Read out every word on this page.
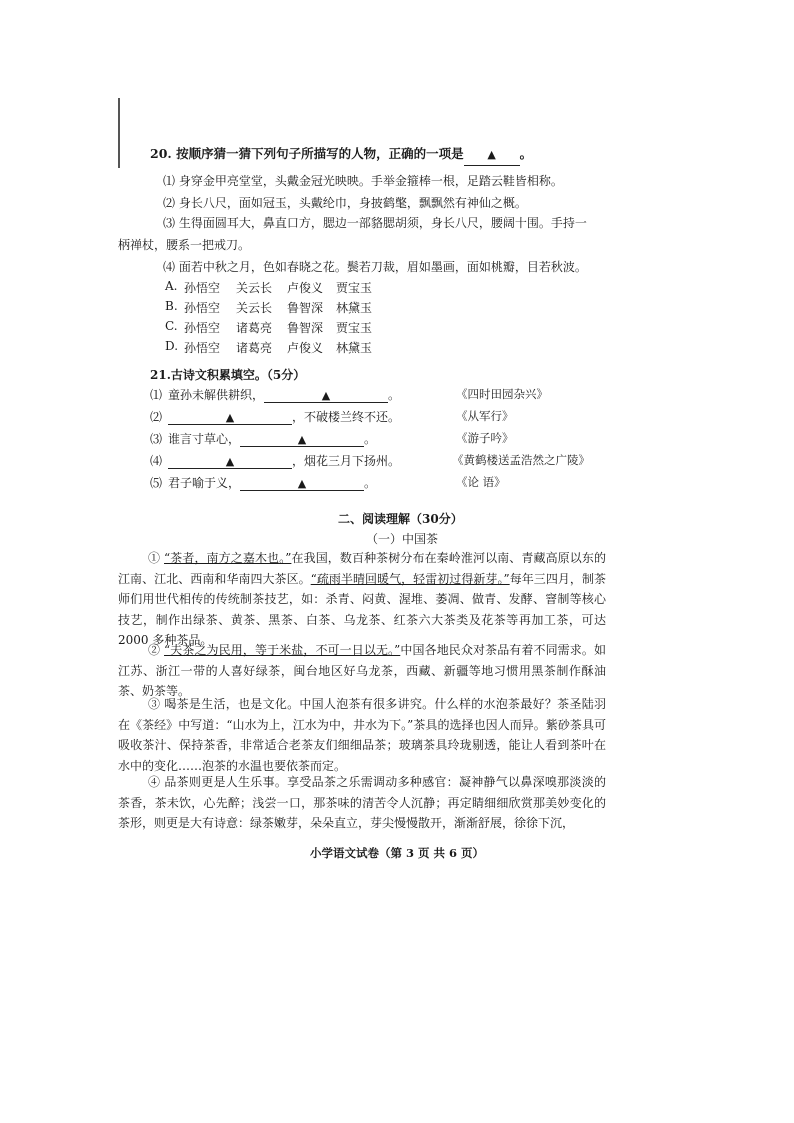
20. 按顺序猜一猜下列句子所描写的人物，正确的一项是 ▲ 。
⑴ 身穿金甲亮堂堂，头戴金冠光映映。手举金箍棒一根，足踏云鞋皆相称。
⑵ 身长八尺，面如冠玉，头戴纶巾，身披鹤氅，飘飘然有神仙之概。
⑶ 生得面圆耳大，鼻直口方，腮边一部貉腮胡须，身长八尺，腰阔十围。手持一
柄禅杖，腰系一把戒刀。
⑷ 面若中秋之月，色如春晓之花。鬓若刀裁，眉如墨画，面如桃瓣，目若秋波。
A. 孙悟空 关云长 卢俊义 贾宝玉
B. 孙悟空 关云长 鲁智深 林黛玉
C. 孙悟空 诸葛亮 鲁智深 贾宝玉
D. 孙悟空 诸葛亮 卢俊义 林黛玉
21.古诗文积累填空。（5分）
⑴ 童孙未解供耕织，	▲	。	《四时田园杂兴》
⑵	▲	，不破楼兰终不还。	《从军行》
⑶ 谁言寸草心，	▲	。	《游子吟》
⑷	▲	，烟花三月下扬州。	《黄鹤楼送孟浩然之广陵》
⑸ 君子喻于义，	▲	。	《论 语》
二、阅读理解（30分）
（一）中国茶
① “茶者，南方之嘉木也。”在我国，数百种茶树分布在秦岭淮河以南、青藏高原以东的江南、江北、西南和华南四大茶区。“疏雨半晴回暖气，轻雷初过得新芽。”每年三四月，制茶师们用世代相传的传统制茶技艺，如：杀青、闷黄、渥堆、萎凋、做青、发酵、窨制等核心技艺，制作出绿茶、黄茶、黑茶、白茶、乌龙茶、红茶六大茶类及花茶等再加工茶，可达 2000 多种茶品。
② “夫茶之为民用，等于米盐，不可一日以无。”中国各地民众对茶品有着不同需求。如江苏、浙江一带的人喜好绿茶，闽台地区好乌龙茶，西藏、新疆等地习惯用黑茶制作酥油茶、奶茶等。
③ 喝茶是生活，也是文化。中国人泡茶有很多讲究。什么样的水泡茶最好？茶圣陆羽在《茶经》中写道：“山水为上，江水为中，井水为下。”茶具的选择也因人而异。紫砂茶具可吸收茶汁、保持茶香，非常适合老茶友们细细品茶；玻璃茶具玲珑剔透，能让人看到茶叶在水中的变化……泡茶的水温也要依茶而定。
④ 品茶则更是人生乐事。享受品茶之乐需调动多种感官：凝神静气以鼻深嗅那淡淡的茶香，茶未饮，心先醉；浅尝一口，那茶味的清苦令人沉静；再定睛细细欣赏那美妙变化的茶形，则更是大有诗意：绿茶嫩芽，朵朵直立，芽尖慢慢散开，渐渐舒展，徐徐下沉，
小学语文试卷（第 3 页 共 6 页）
